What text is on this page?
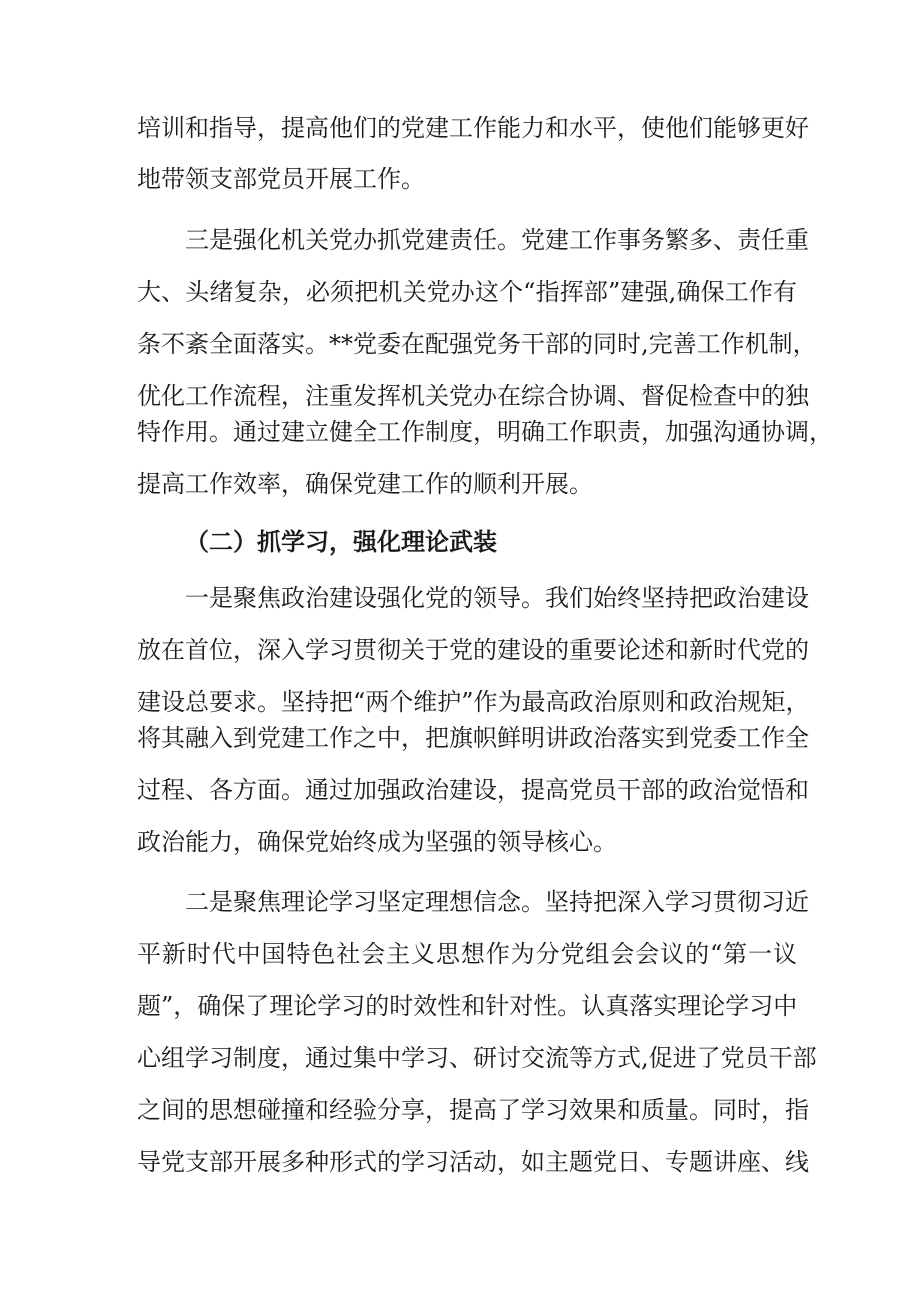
培训和指导，提高他们的党建工作能力和水平，使他们能够更好
地带领支部党员开展工作。
三是强化机关党办抓党建责任。党建工作事务繁多、责任重
大、头绪复杂，必须把机关党办这个“指挥部”建强,确保工作有
条不紊全面落实。**党委在配强党务干部的同时,完善工作机制，
优化工作流程，注重发挥机关党办在综合协调、督促检查中的独
特作用。通过建立健全工作制度，明确工作职责，加强沟通协调，
提高工作效率，确保党建工作的顺利开展。
（二）抓学习，强化理论武装
一是聚焦政治建设强化党的领导。我们始终坚持把政治建设
放在首位，深入学习贯彻关于党的建设的重要论述和新时代党的
建设总要求。坚持把“两个维护”作为最高政治原则和政治规矩，
将其融入到党建工作之中，把旗帜鲜明讲政治落实到党委工作全
过程、各方面。通过加强政治建设，提高党员干部的政治觉悟和
政治能力，确保党始终成为坚强的领导核心。
二是聚焦理论学习坚定理想信念。坚持把深入学习贯彻习近
平新时代中国特色社会主义思想作为分党组会会议的“第一议
题”，确保了理论学习的时效性和针对性。认真落实理论学习中
心组学习制度，通过集中学习、研讨交流等方式,促进了党员干部
之间的思想碰撞和经验分享，提高了学习效果和质量。同时，指
导党支部开展多种形式的学习活动，如主题党日、专题讲座、线
